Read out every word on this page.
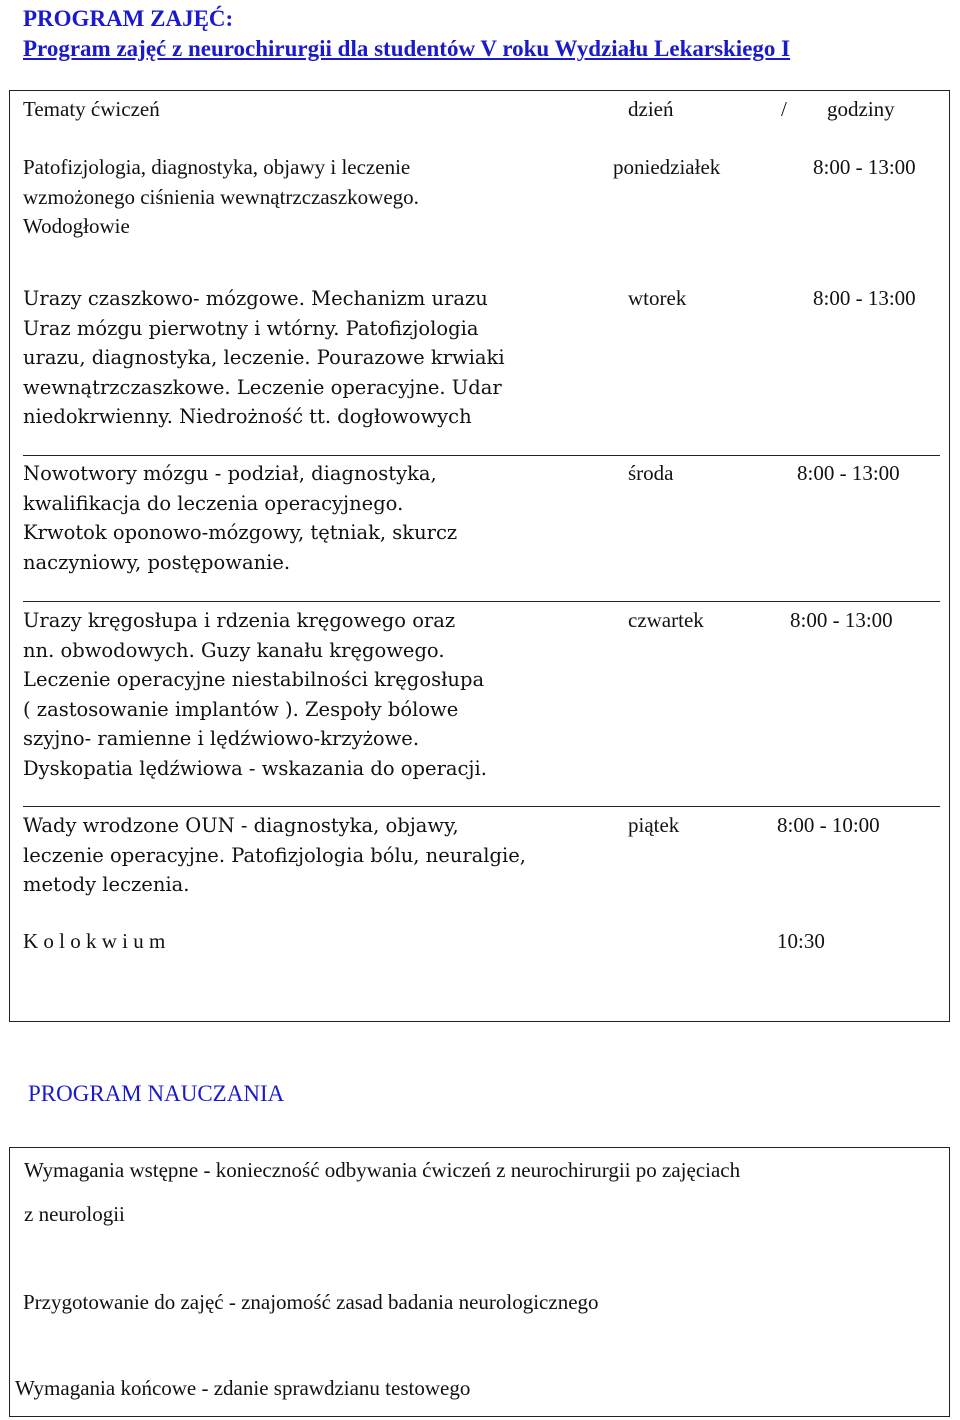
PROGRAM ZAJĘĆ:
Program zajęć z neurochirurgii dla studentów V roku Wydziału Lekarskiego I
Tematy ćwiczeń	dzień	/ godziny
Patofizjologia, diagnostyka, objawy i leczenie
wzmożonego ciśnienia wewnątrzczaszkowego.
Wodogłowie
poniedziałek	8:00 - 13:00
Urazy czaszkowo- mózgowe. Mechanizm urazu
Uraz mózgu pierwotny i wtórny. Patofizjologia
urazu, diagnostyka, leczenie. Pourazowe krwiaki
wewnątrzczaszkowe. Leczenie operacyjne. Udar
niedokrwienny. Niedrożność tt. dogłowowych
wtorek	8:00 - 13:00
Nowotwory mózgu - podział, diagnostyka,
kwalifikacja do leczenia operacyjnego.
Krwotok oponowo-mózgowy, tętniak, skurcz
naczyniowy, postępowanie.
środa	8:00 - 13:00
Urazy kręgosłupa i rdzenia kręgowego oraz
nn. obwodowych. Guzy kanału kręgowego.
Leczenie operacyjne niestabilności kręgosłupa
( zastosowanie implantów ). Zespoły bólowe
szyjno- ramienne i lędźwiowo-krzyżowe.
Dyskopatia lędźwiowa - wskazania do operacji.
czwartek	8:00 - 13:00
Wady wrodzone OUN - diagnostyka, objawy,
leczenie operacyjne. Patofizjologia bólu, neuralgie,
metody leczenia.
piątek	8:00 - 10:00
K o l o k w i u m	10:30
PROGRAM NAUCZANIA
Wymagania wstępne - konieczność odbywania ćwiczeń z neurochirurgii po zajęciach
z neurologii
Przygotowanie do zajęć - znajomość zasad badania neurologicznego
Wymagania końcowe - zdanie sprawdzianu testowego
